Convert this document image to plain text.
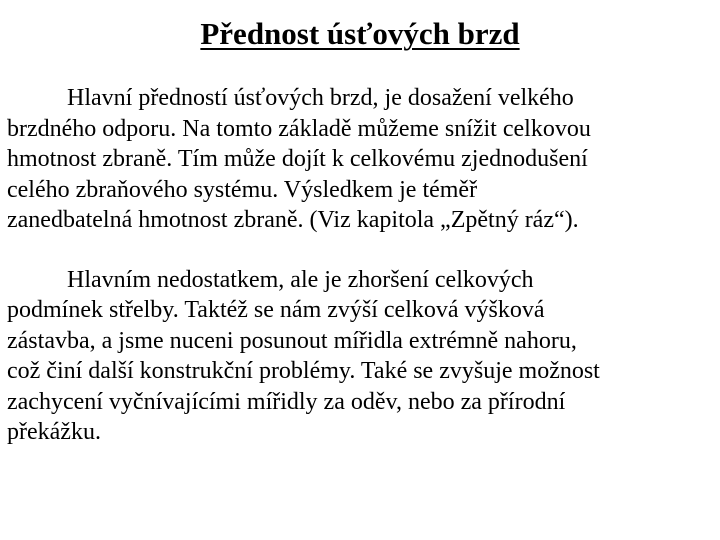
Přednost úsťových brzd

Hlavní předností úsťových brzd, je dosažení velkého
brzdného odporu. Na tomto základě můžeme snížit celkovou
hmotnost zbraně. Tím může dojít k celkovému zjednodušení
celého zbraňového systému. Výsledkem je téměř
zanedbatelná hmotnost zbraně. (Viz kapitola „Zpětný ráz“).

Hlavním nedostatkem, ale je zhoršení celkových
podmínek střelby. Taktéž se nám zvýší celková výšková
zástavba, a jsme nuceni posunout mířidla extrémně nahoru,
což činí další konstrukční problémy. Také se zvyšuje možnost
zachycení vyčnívajícími mířidly za oděv, nebo za přírodní
překážku.
